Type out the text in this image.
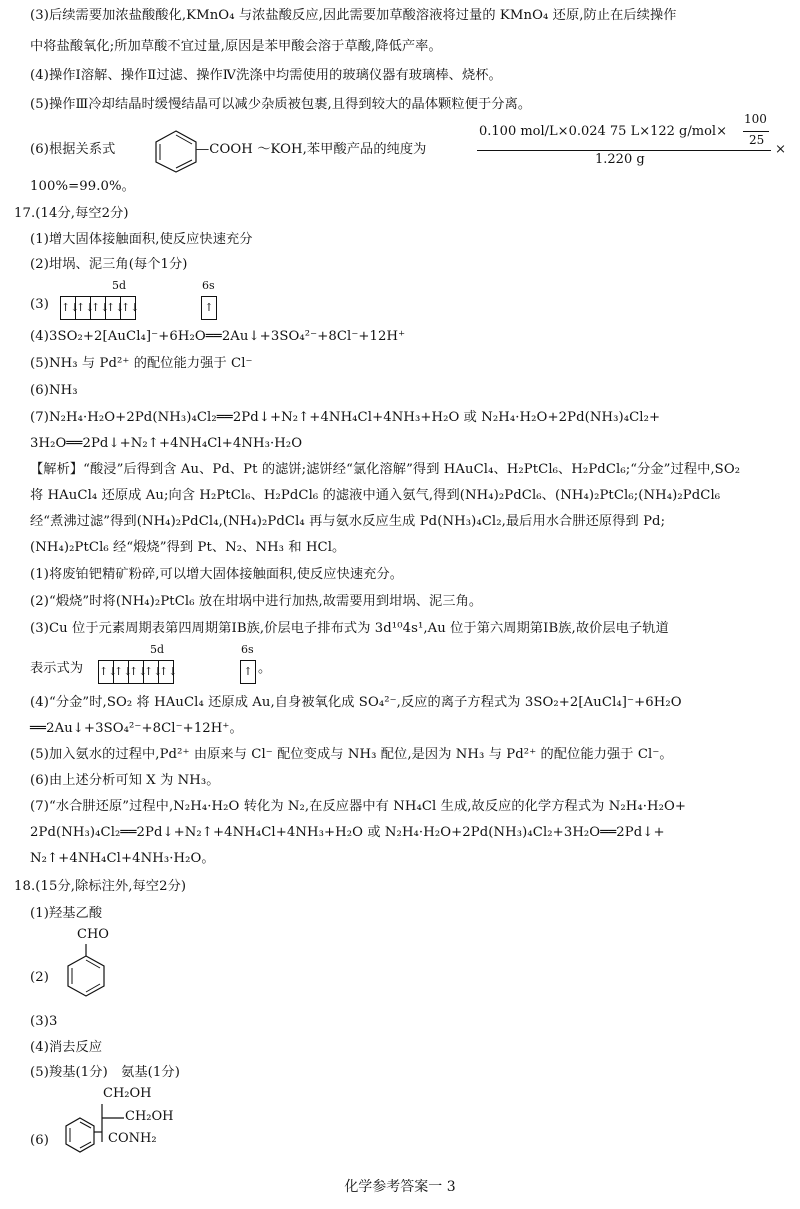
(3)后续需要加浓盐酸酸化,KMnO₄ 与浓盐酸反应,因此需要加草酸溶液将过量的 KMnO₄ 还原,防止在后续操作
中将盐酸氧化;所加草酸不宜过量,原因是苯甲酸会溶于草酸,降低产率。
(4)操作Ⅰ溶解、操作Ⅱ过滤、操作Ⅳ洗涤中均需使用的玻璃仪器有玻璃棒、烧杯。
(5)操作Ⅲ冷却结晶时缓慢结晶可以减少杂质被包裹,且得到较大的晶体颗粒便于分离。
(6)根据关系式	—COOH ～KOH,苯甲酸产品的纯度为
0.100 mol/L×0.024 75 L×122 g/mol×
100
25
1.220 g
×
100%=99.0%。
17.(14分,每空2分)
(1)增大固体接触面积,使反应快速充分
(2)坩埚、泥三角(每个1分)
(3)
5d	6s
↑↓
↑↓
↑↓
↑↓
↑↓	↑
(4)3SO₂+2[AuCl₄]⁻+6H₂O══2Au↓+3SO₄²⁻+8Cl⁻+12H⁺
(5)NH₃ 与 Pd²⁺ 的配位能力强于 Cl⁻
(6)NH₃
(7)N₂H₄·H₂O+2Pd(NH₃)₄Cl₂══2Pd↓+N₂↑+4NH₄Cl+4NH₃+H₂O 或 N₂H₄·H₂O+2Pd(NH₃)₄Cl₂+
3H₂O══2Pd↓+N₂↑+4NH₄Cl+4NH₃·H₂O
【解析】“酸浸”后得到含 Au、Pd、Pt 的滤饼;滤饼经“氯化溶解”得到 HAuCl₄、H₂PtCl₆、H₂PdCl₆;“分金”过程中,SO₂
将 HAuCl₄ 还原成 Au;向含 H₂PtCl₆、H₂PdCl₆ 的滤液中通入氨气,得到(NH₄)₂PdCl₆、(NH₄)₂PtCl₆;(NH₄)₂PdCl₆
经“煮沸过滤”得到(NH₄)₂PdCl₄,(NH₄)₂PdCl₄ 再与氨水反应生成 Pd(NH₃)₄Cl₂,最后用水合肼还原得到 Pd;
(NH₄)₂PtCl₆ 经“煅烧”得到 Pt、N₂、NH₃ 和 HCl。
(1)将废铂钯精矿粉碎,可以增大固体接触面积,使反应快速充分。
(2)“煅烧”时将(NH₄)₂PtCl₆ 放在坩埚中进行加热,故需要用到坩埚、泥三角。
(3)Cu 位于元素周期表第四周期第ⅠB族,价层电子排布式为 3d¹⁰4s¹,Au 位于第六周期第ⅠB族,故价层电子轨道
表示式为
5d	6s
↑↓
↑↓
↑↓
↑↓
↑↓	↑ 。
(4)“分金”时,SO₂ 将 HAuCl₄ 还原成 Au,自身被氧化成 SO₄²⁻,反应的离子方程式为 3SO₂+2[AuCl₄]⁻+6H₂O
══2Au↓+3SO₄²⁻+8Cl⁻+12H⁺。
(5)加入氨水的过程中,Pd²⁺ 由原来与 Cl⁻ 配位变成与 NH₃ 配位,是因为 NH₃ 与 Pd²⁺ 的配位能力强于 Cl⁻。
(6)由上述分析可知 X 为 NH₃。
(7)“水合肼还原”过程中,N₂H₄·H₂O 转化为 N₂,在反应器中有 NH₄Cl 生成,故反应的化学方程式为 N₂H₄·H₂O+
2Pd(NH₃)₄Cl₂══2Pd↓+N₂↑+4NH₄Cl+4NH₃+H₂O 或 N₂H₄·H₂O+2Pd(NH₃)₄Cl₂+3H₂O══2Pd↓+
N₂↑+4NH₄Cl+4NH₃·H₂O。
18.(15分,除标注外,每空2分)
(1)羟基乙酸
CHO
(2)
(3)3
(4)消去反应
(5)羧基(1分)　氨基(1分)
CH₂OH
CH₂OH
CONH₂
(6)
化学参考答案一 3
